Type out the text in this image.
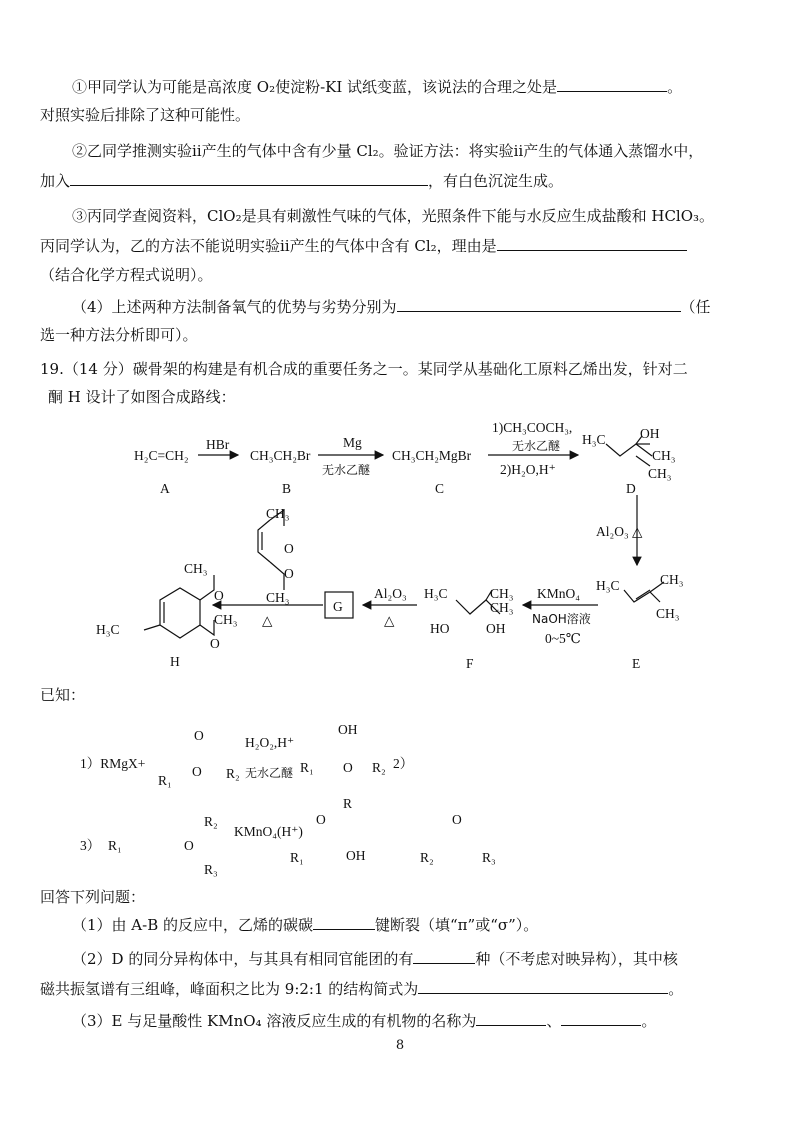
①甲同学认为可能是高浓度 O₂使淀粉-KI 试纸变蓝，该说法的合理之处是	。
对照实验后排除了这种可能性。
②乙同学推测实验ⅱ产生的气体中含有少量 Cl₂。验证方法：将实验ⅱ产生的气体通入蒸馏水中，
加入	，有白色沉淀生成。
③丙同学查阅资料，ClO₂是具有刺激性气味的气体，光照条件下能与水反应生成盐酸和 HClO₃。
丙同学认为，乙的方法不能说明实验ⅱ产生的气体中含有 Cl₂，理由是
（结合化学方程式说明）。
（4）上述两种方法制备氧气的优势与劣势分别为	（任
选一种方法分析即可）。
19.（14 分）碳骨架的构建是有机合成的重要任务之一。某同学从基础化工原料乙烯出发，针对二
酮 H 设计了如图合成路线：
H₂C=CH₂
A
HBr
CH₃CH₂Br
B
Mg
无水乙醚
CH₃CH₂MgBr
C
1)CH₃COCH₃,
无水乙醚
2)H₂O,H⁺
H₃C	OH
CH₃
CH₃
D
Al₂O₃ △
H₃C	CH₃
CH₃
E
KMnO₄
NaOH溶液
0~5℃
H₃C	CH₃
CH₃
HO	OH
F
Al₂O₃
△
G
△
CH₃
O
O
CH₃
CH₃
O
CH₃
O
H₃C
H
已知：
1）RMgX+
R₁
O
O
R₂
H₂O₂,H⁺
无水乙醚
OH
R₁ O R₂
R
2）
3） R₁	O
R₂
R₃
KMnO₄(H⁺)
R₁
O
OH	R₂
O
R₃
回答下列问题：
（1）由 A-B 的反应中，乙烯的碳碳	键断裂（填“π”或“σ”）。
（2）D 的同分异构体中，与其具有相同官能团的有	种（不考虑对映异构），其中核
磁共振氢谱有三组峰，峰面积之比为 9:2:1 的结构简式为	。
（3）E 与足量酸性 KMnO₄ 溶液反应生成的有机物的名称为	、	。
8
